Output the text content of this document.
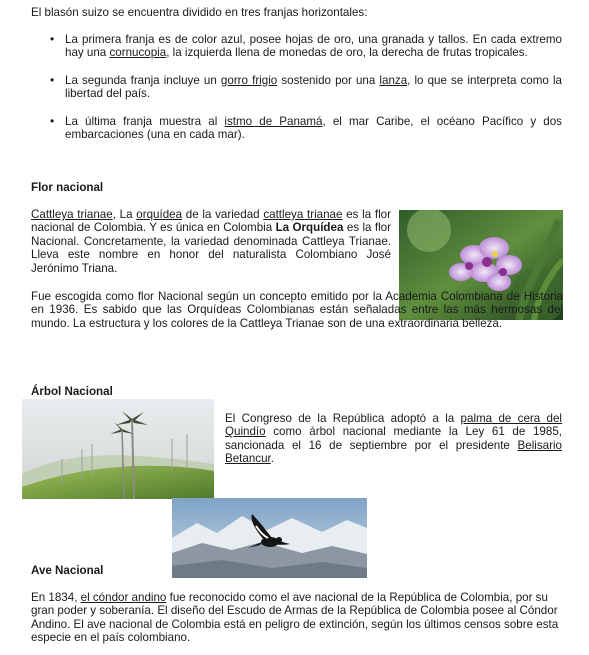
El blasón suizo se encuentra dividido en tres franjas horizontales:
• La primera franja es de color azul, posee hojas de oro, una granada y tallos. En cada extremo hay una cornucopia, la izquierda llena de monedas de oro, la derecha de frutas tropicales.
• La segunda franja incluye un gorro frigio sostenido por una lanza, lo que se interpreta como la libertad del país.
• La última franja muestra al istmo de Panamá, el mar Caribe, el océano Pacífico y dos embarcaciones (una en cada mar).
Flor nacional
Cattleya trianae, La orquídea de la variedad cattleya trianae es la flor nacional de Colombia. Y es única en Colombia La Orquídea es la flor Nacional. Concretamente, la variedad denominada Cattleya Trianae. Lleva este nombre en honor del naturalista Colombiano José Jerónimo Triana.
Fue escogida como flor Nacional según un concepto emitido por la Academia Colombiana de Historia en 1936. Es sabido que las Orquídeas Colombianas están señaladas entre las más hermosas del mundo. La estructura y los colores de la Cattleya Trianae son de una extraordinaria belleza.
Árbol Nacional
El Congreso de la República adoptó a la palma de cera del Quindío como árbol nacional mediante la Ley 61 de 1985, sancionada el 16 de septiembre por el presidente Belisario Betancur.
Ave Nacional
En 1834, el cóndor andino fue reconocido como el ave nacional de la República de Colombia, por su gran poder y soberanía. El diseño del Escudo de Armas de la República de Colombia posee al Cóndor Andino. El ave nacional de Colombia está en peligro de extinción, según los últimos censos sobre esta especie en el país colombiano.
